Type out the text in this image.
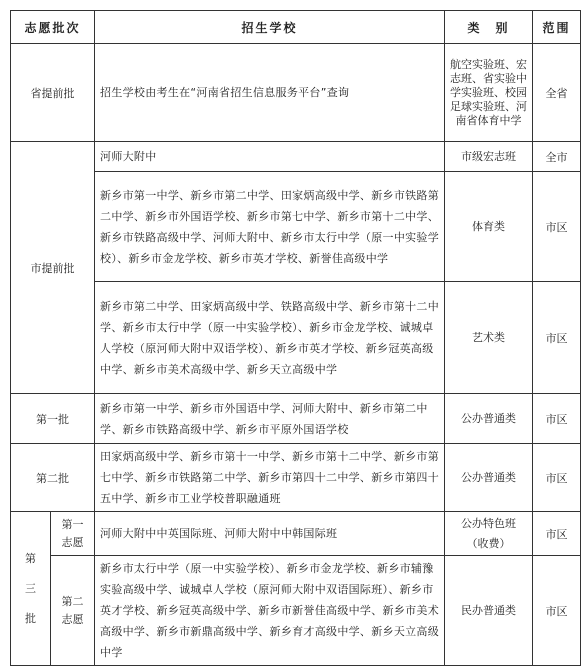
志愿批次		招生学校	类　别	范围
省提前批		招生学校由考生在“河南省招生信息服务平台”查询	航空实验班、宏志班、省实验中学实验班、校园足球实验班、河南省体育中学	全省
市提前批		河师大附中	市级宏志班	全市
		新乡市第一中学、新乡市第二中学、田家炳高级中学、新乡市铁路第二中学、新乡市外国语学校、新乡市第七中学、新乡市第十二中学、新乡市铁路高级中学、河师大附中、新乡市太行中学（原一中实验学校）、新乡市金龙学校、新乡市英才学校、新誉佳高级中学	体育类	市区
		新乡市第二中学、田家炳高级中学、铁路高级中学、新乡市第十二中学、新乡市太行中学（原一中实验学校）、新乡市金龙学校、诚城卓人学校（原河师大附中双语学校）、新乡市英才学校、新乡冠英高级中学、新乡市美术高级中学、新乡天立高级中学	艺术类	市区
第一批		新乡市第一中学、新乡市外国语中学、河师大附中、新乡市第二中学、新乡市铁路高级中学、新乡市平原外国语学校	公办普通类	市区
第二批		田家炳高级中学、新乡市第十一中学、新乡市第十二中学、新乡市第七中学、新乡市铁路第二中学、新乡市第四十二中学、新乡市第四十五中学、新乡市工业学校普职融通班	公办普通类	市区
第三批	第一志愿	河师大附中中英国际班、河师大附中中韩国际班	公办特色班（收费）	市区
	第二志愿	新乡市太行中学（原一中实验学校）、新乡市金龙学校、新乡市辅豫实验高级中学、诚城卓人学校（原河师大附中双语国际班）、新乡市英才学校、新乡冠英高级中学、新乡市新誉佳高级中学、新乡市美术高级中学、新乡市新鼎高级中学、新乡育才高级中学、新乡天立高级中学	民办普通类	市区
